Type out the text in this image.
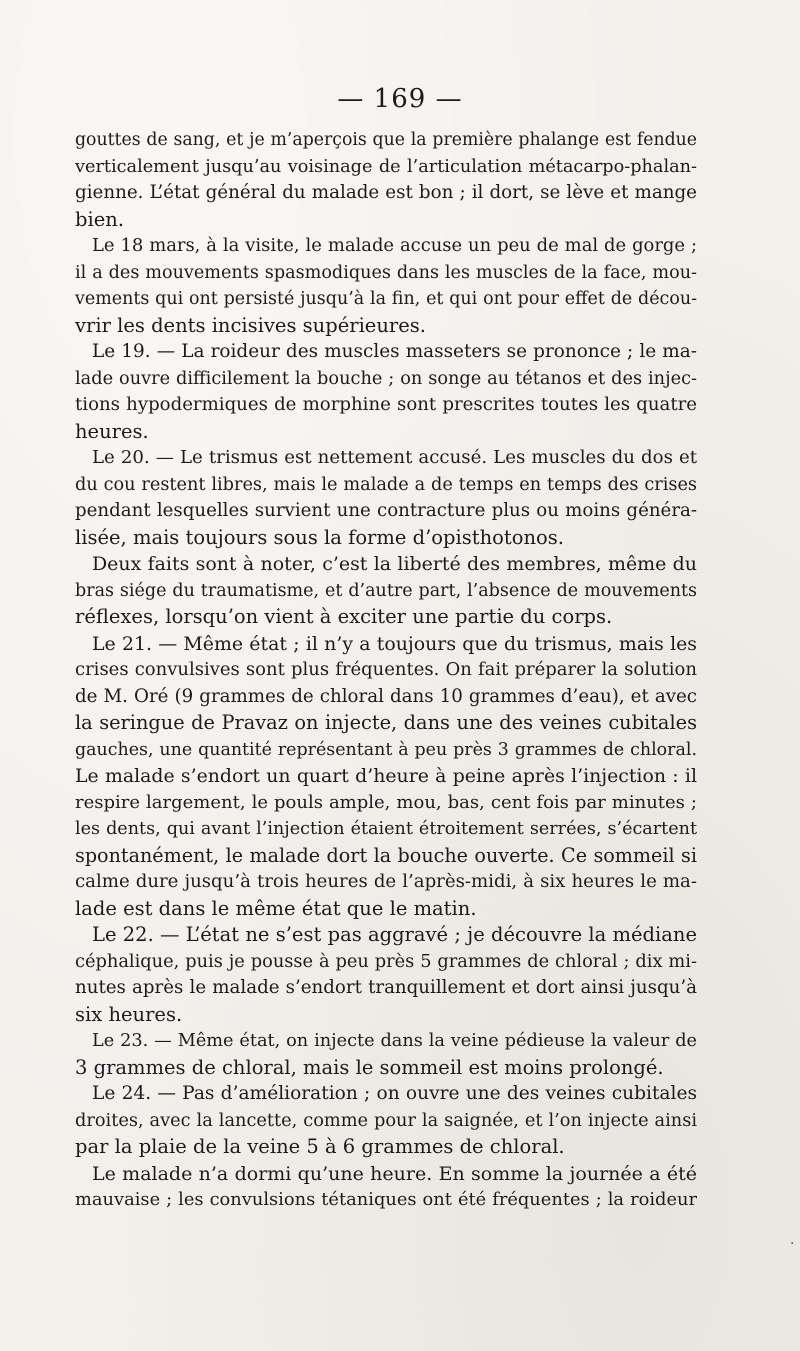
— 169 —
gouttes de sang, et je m’aperçois que la première phalange est fendue
verticalement jusqu’au voisinage de l’articulation métacarpo-phalan-
gienne. L’état général du malade est bon ; il dort, se lève et mange
bien.
Le 18 mars, à la visite, le malade accuse un peu de mal de gorge ;
il a des mouvements spasmodiques dans les muscles de la face, mou-
vements qui ont persisté jusqu’à la fin, et qui ont pour effet de décou-
vrir les dents incisives supérieures.
Le 19. — La roideur des muscles masseters se prononce ; le ma-
lade ouvre difficilement la bouche ; on songe au tétanos et des injec-
tions hypodermiques de morphine sont prescrites toutes les quatre
heures.
Le 20. — Le trismus est nettement accusé. Les muscles du dos et
du cou restent libres, mais le malade a de temps en temps des crises
pendant lesquelles survient une contracture plus ou moins généra-
lisée, mais toujours sous la forme d’opisthotonos.
Deux faits sont à noter, c’est la liberté des membres, même du
bras siége du traumatisme, et d’autre part, l’absence de mouvements
réflexes, lorsqu’on vient à exciter une partie du corps.
Le 21. — Même état ; il n’y a toujours que du trismus, mais les
crises convulsives sont plus fréquentes. On fait préparer la solution
de M. Oré (9 grammes de chloral dans 10 grammes d’eau), et avec
la seringue de Pravaz on injecte, dans une des veines cubitales
gauches, une quantité représentant à peu près 3 grammes de chloral.
Le malade s’endort un quart d’heure à peine après l’injection : il
respire largement, le pouls ample, mou, bas, cent fois par minutes ;
les dents, qui avant l’injection étaient étroitement serrées, s’écartent
spontanément, le malade dort la bouche ouverte. Ce sommeil si
calme dure jusqu’à trois heures de l’après-midi, à six heures le ma-
lade est dans le même état que le matin.
Le 22. — L’état ne s’est pas aggravé ; je découvre la médiane
céphalique, puis je pousse à peu près 5 grammes de chloral ; dix mi-
nutes après le malade s’endort tranquillement et dort ainsi jusqu’à
six heures.
Le 23. — Même état, on injecte dans la veine pédieuse la valeur de
3 grammes de chloral, mais le sommeil est moins prolongé.
Le 24. — Pas d’amélioration ; on ouvre une des veines cubitales
droites, avec la lancette, comme pour la saignée, et l’on injecte ainsi
par la plaie de la veine 5 à 6 grammes de chloral.
Le malade n’a dormi qu’une heure. En somme la journée a été
mauvaise ; les convulsions tétaniques ont été fréquentes ; la roideur
·
